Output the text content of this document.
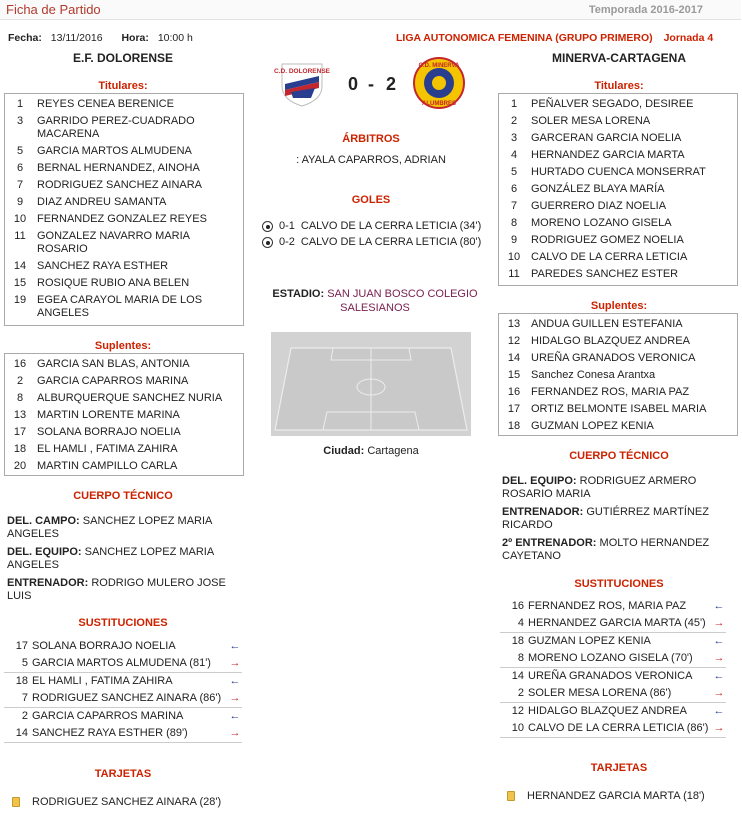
Ficha de Partido	Temporada 2016-2017
Fecha: 13/11/2016 Hora: 10:00 h	LIGA AUTONOMICA FEMENINA (GRUPO PRIMERO) Jornada 4
E.F. DOLORENSE	MINERVA-CARTAGENA
Titulares:
1	REYES CENEA BERENICE
3	GARRIDO PEREZ-CUADRADO MACARENA
5	GARCIA MARTOS ALMUDENA
6	BERNAL HERNANDEZ, AINOHA
7	RODRIGUEZ SANCHEZ AINARA
9	DIAZ ANDREU SAMANTA
10 FERNANDEZ GONZALEZ REYES
11	GONZALEZ NAVARRO MARIA ROSARIO
14 SANCHEZ RAYA ESTHER
15 ROSIQUE RUBIO ANA BELEN
19 EGEA CARAYOL MARIA DE LOS ANGELES
Suplentes:
16 GARCIA SAN BLAS, ANTONIA
2	GARCIA CAPARROS MARINA
8	ALBURQUERQUE SANCHEZ NURIA
13 MARTIN LORENTE MARINA
17 SOLANA BORRAJO NOELIA
18 EL HAMLI , FATIMA ZAHIRA
20 MARTIN CAMPILLO CARLA
CUERPO TÉCNICO
DEL. CAMPO: SANCHEZ LOPEZ MARIA ANGELES
DEL. EQUIPO: SANCHEZ LOPEZ MARIA ANGELES
ENTRENADOR: RODRIGO MULERO JOSE LUIS
SUSTITUCIONES
17 SOLANA BORRAJO NOELIA	←
5 GARCIA MARTOS ALMUDENA (81')	→
18 EL HAMLI , FATIMA ZAHIRA	←
7 RODRIGUEZ SANCHEZ AINARA (86') →
2 GARCIA CAPARROS MARINA	←
14 SANCHEZ RAYA ESTHER (89')	→
TARJETAS
RODRIGUEZ SANCHEZ AINARA (28')
C.D. DOLORENSE
0 - 2
C.D. MINERVA
ALUMBRES
ÁRBITROS
: AYALA CAPARROS, ADRIAN
GOLES
0-1 CALVO DE LA CERRA LETICIA (34')
0-2 CALVO DE LA CERRA LETICIA (80')
ESTADIO: SAN JUAN BOSCO COLEGIO SALESIANOS
Ciudad: Cartagena
Titulares:
1	PEÑALVER SEGADO, DESIREE
2	SOLER MESA LORENA
3	GARCERAN GARCIA NOELIA
4	HERNANDEZ GARCIA MARTA
5	HURTADO CUENCA MONSERRAT
6	GONZÁLEZ BLAYA MARÍA
7	GUERRERO DIAZ NOELIA
8	MORENO LOZANO GISELA
9	RODRIGUEZ GOMEZ NOELIA
10 CALVO DE LA CERRA LETICIA
11	PAREDES SANCHEZ ESTER
Suplentes:
13 ANDUA GUILLEN ESTEFANIA
12 HIDALGO BLAZQUEZ ANDREA
14 UREÑA GRANADOS VERONICA
15 Sanchez Conesa Arantxa
16 FERNANDEZ ROS, MARIA PAZ
17 ORTIZ BELMONTE ISABEL MARIA
18 GUZMAN LOPEZ KENIA
CUERPO TÉCNICO
DEL. EQUIPO: RODRIGUEZ ARMERO ROSARIO MARIA
ENTRENADOR: GUTIÉRREZ MARTÍNEZ RICARDO
2º ENTRENADOR: MOLTO HERNANDEZ CAYETANO
SUSTITUCIONES
16 FERNANDEZ ROS, MARIA PAZ	←
4 HERNANDEZ GARCIA MARTA (45') →
18 GUZMAN LOPEZ KENIA	←
8 MORENO LOZANO GISELA (70')	→
14 UREÑA GRANADOS VERONICA	←
2 SOLER MESA LORENA (86')	→
12 HIDALGO BLAZQUEZ ANDREA	←
10 CALVO DE LA CERRA LETICIA (86') →
TARJETAS
HERNANDEZ GARCIA MARTA (18')
